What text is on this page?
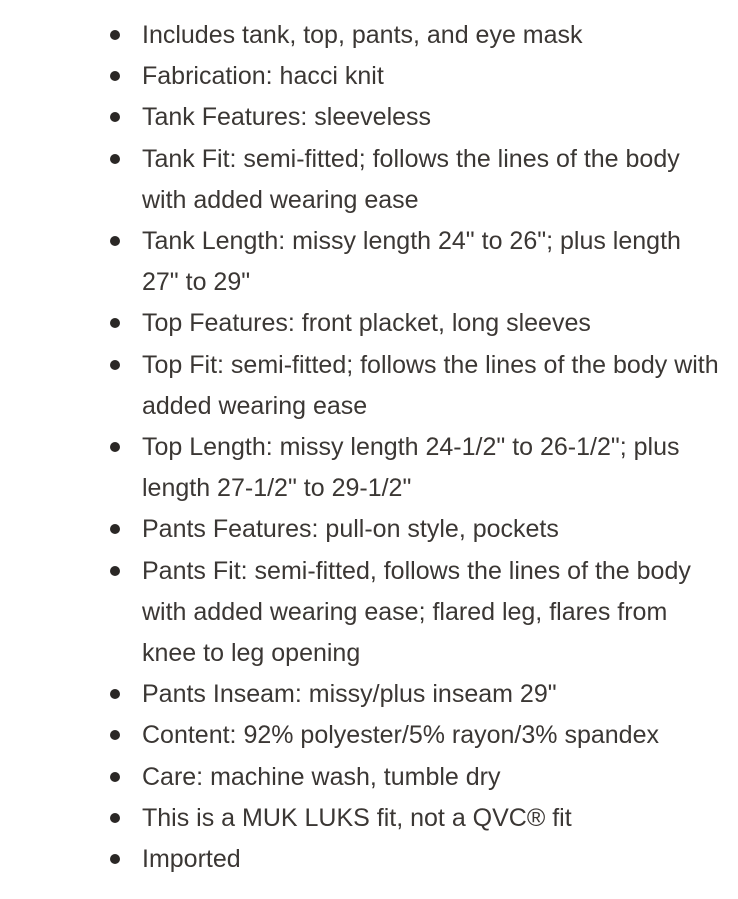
Includes tank, top, pants, and eye mask
Fabrication: hacci knit
Tank Features: sleeveless
Tank Fit: semi-fitted; follows the lines of the body with added wearing ease
Tank Length: missy length 24" to 26"; plus length 27" to 29"
Top Features: front placket, long sleeves
Top Fit: semi-fitted; follows the lines of the body with added wearing ease
Top Length: missy length 24-1/2" to 26-1/2"; plus length 27-1/2" to 29-1/2"
Pants Features: pull-on style, pockets
Pants Fit: semi-fitted, follows the lines of the body with added wearing ease; flared leg, flares from knee to leg opening
Pants Inseam: missy/plus inseam 29"
Content: 92% polyester/5% rayon/3% spandex
Care: machine wash, tumble dry
This is a MUK LUKS fit, not a QVC® fit
Imported
